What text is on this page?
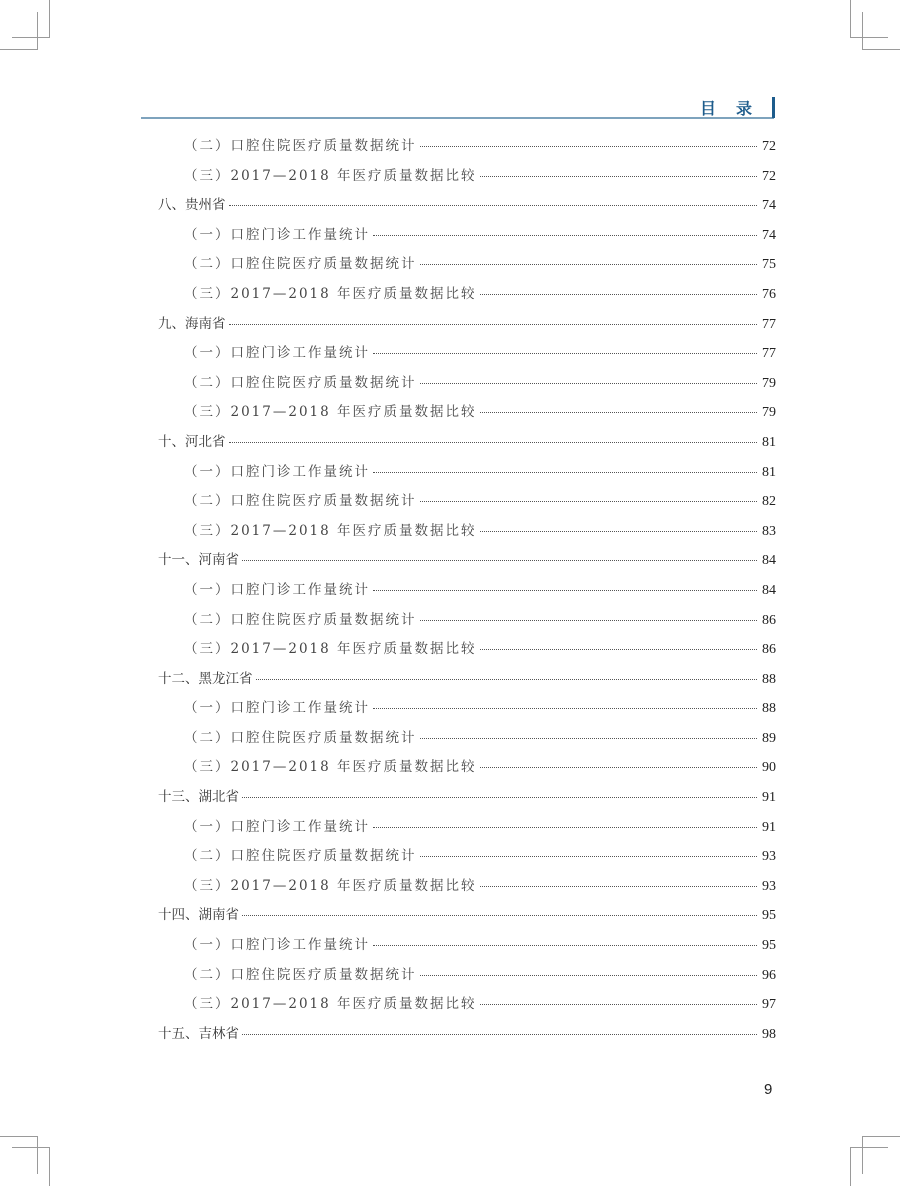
目录
（二）口腔住院医疗质量数据统计	72
（三）2017—2018 年医疗质量数据比较	72
八、贵州省	74
（一）口腔门诊工作量统计	74
（二）口腔住院医疗质量数据统计	75
（三）2017—2018 年医疗质量数据比较	76
九、海南省	77
（一）口腔门诊工作量统计	77
（二）口腔住院医疗质量数据统计	79
（三）2017—2018 年医疗质量数据比较	79
十、河北省	81
（一）口腔门诊工作量统计	81
（二）口腔住院医疗质量数据统计	82
（三）2017—2018 年医疗质量数据比较	83
十一、河南省	84
（一）口腔门诊工作量统计	84
（二）口腔住院医疗质量数据统计	86
（三）2017—2018 年医疗质量数据比较	86
十二、黑龙江省	88
（一）口腔门诊工作量统计	88
（二）口腔住院医疗质量数据统计	89
（三）2017—2018 年医疗质量数据比较	90
十三、湖北省	91
（一）口腔门诊工作量统计	91
（二）口腔住院医疗质量数据统计	93
（三）2017—2018 年医疗质量数据比较	93
十四、湖南省	95
（一）口腔门诊工作量统计	95
（二）口腔住院医疗质量数据统计	96
（三）2017—2018 年医疗质量数据比较	97
十五、吉林省	98
9
